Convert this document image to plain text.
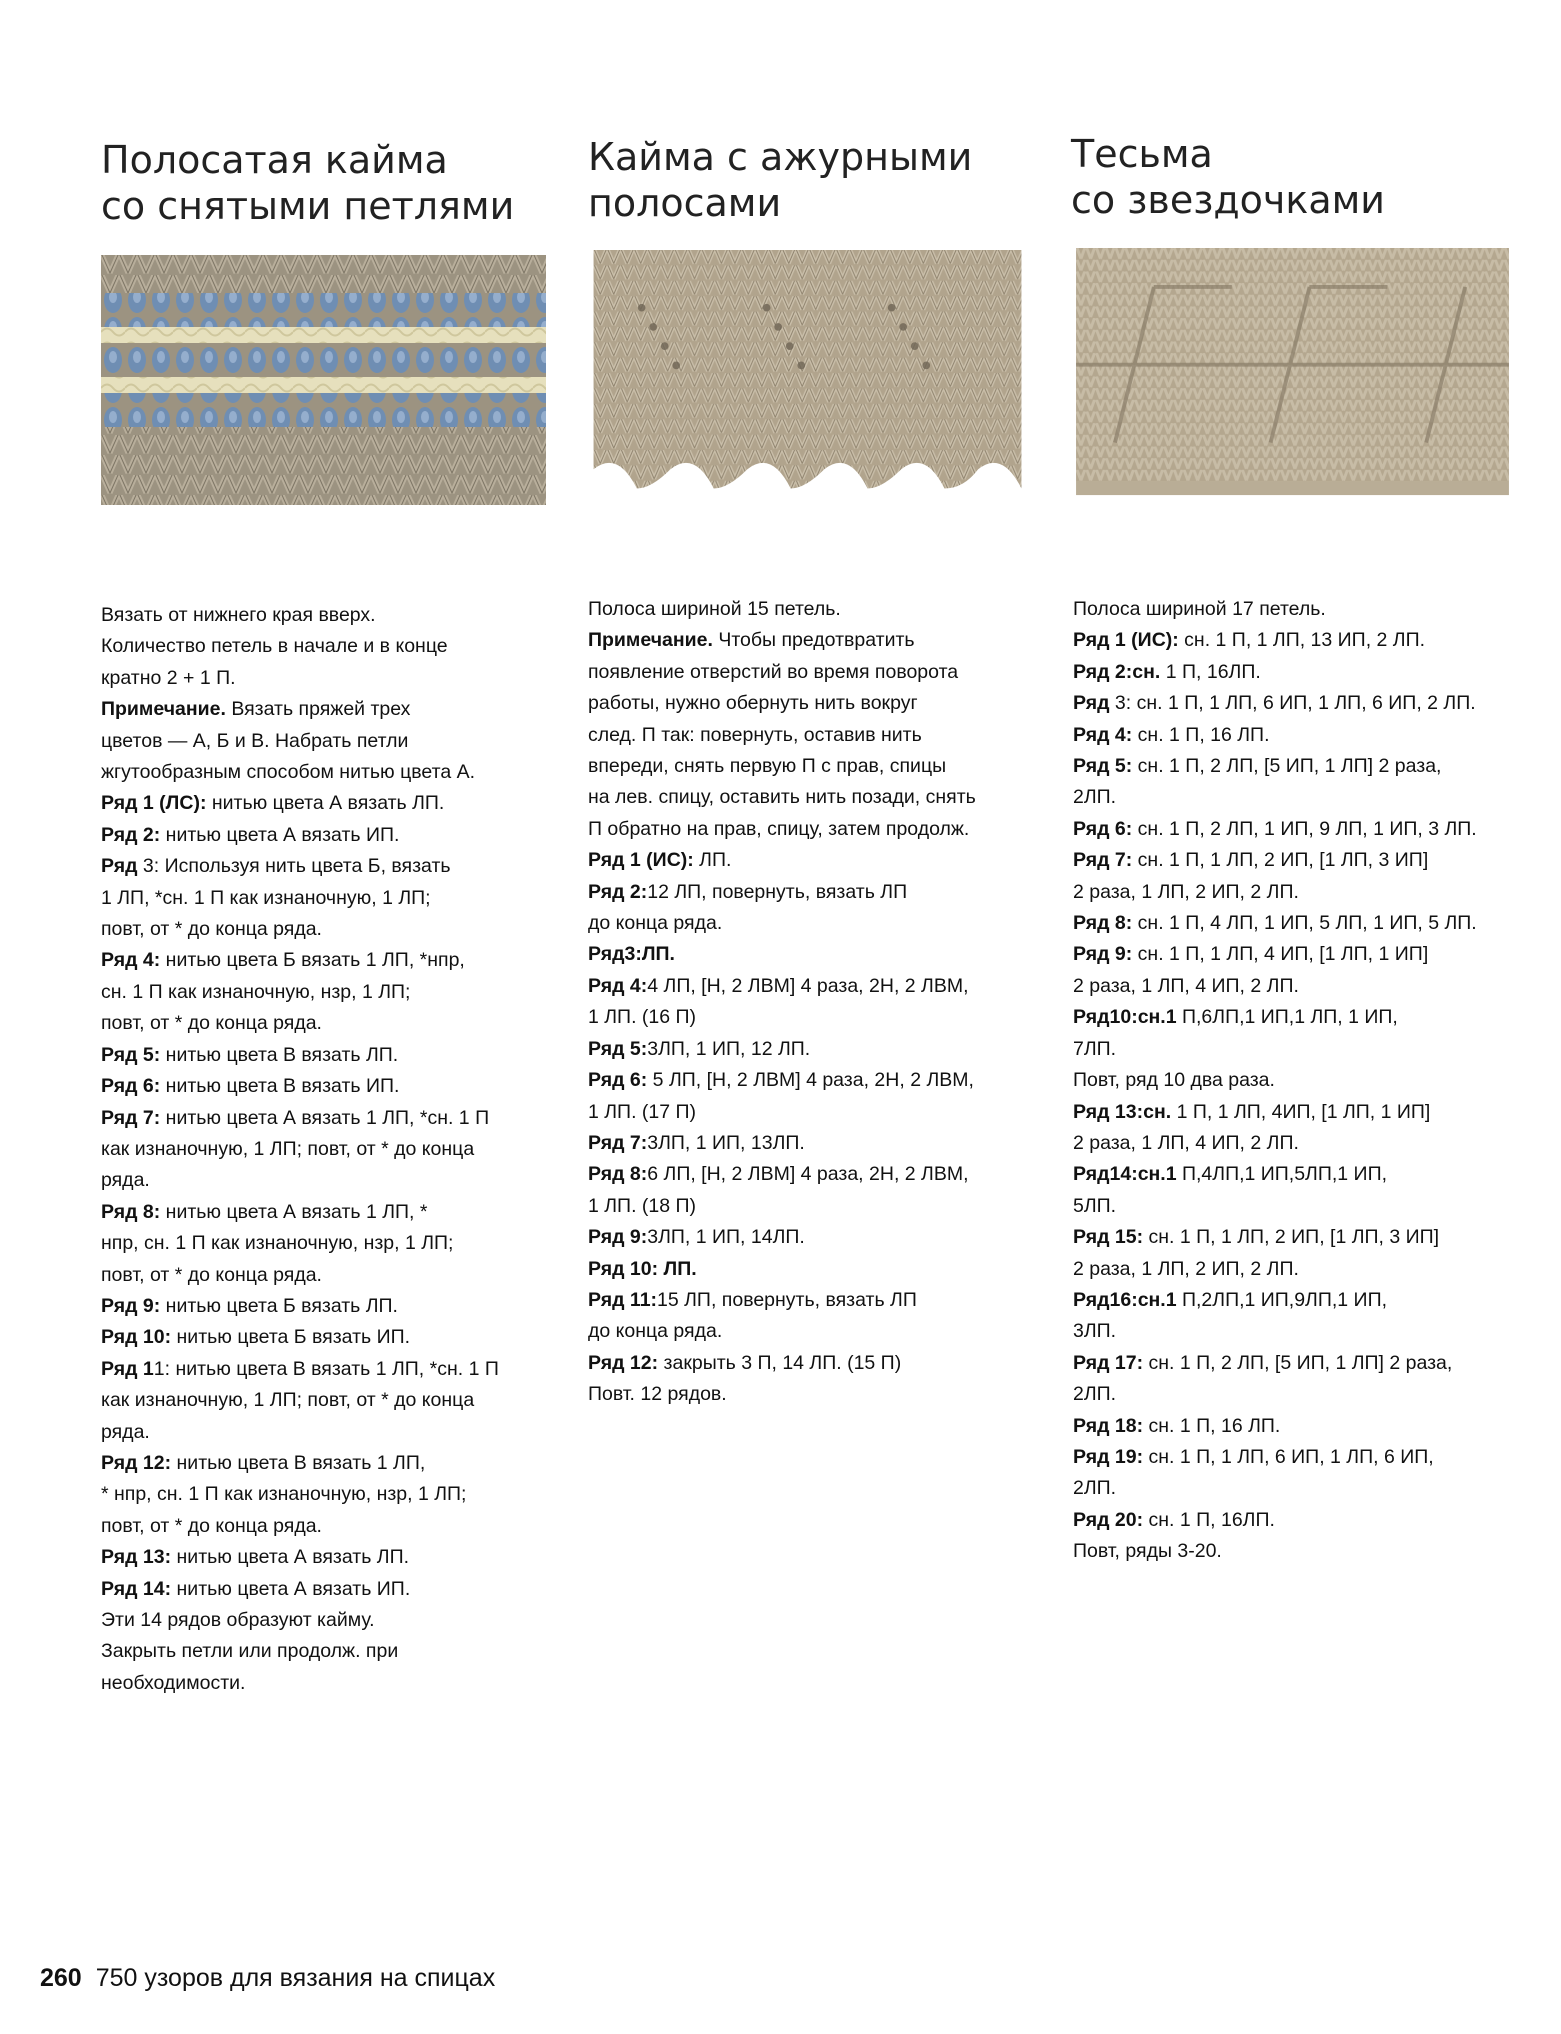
Полосатая кайма
со снятыми петлями

Вязать от нижнего края вверх.

Количество петель в начале и в конце

кратно 2 + 1 П.

Примечание. Вязать пряжей трех

цветов — А, Б и В. Набрать петли

жгутообразным способом нитью цвета А.

Ряд 1 (ЛС): нитью цвета А вязать ЛП.

Ряд 2: нитью цвета А вязать ИП.

Ряд 3: Используя нить цвета Б, вязать

1 ЛП, *сн. 1 П как изнаночную, 1 ЛП;

повт, от * до конца ряда.

Ряд 4: нитью цвета Б вязать 1 ЛП, *нпр,

сн. 1 П как изнаночную, нзр, 1 ЛП;

повт, от * до конца ряда.

Ряд 5: нитью цвета В вязать ЛП.

Ряд 6: нитью цвета В вязать ИП.

Ряд 7: нитью цвета А вязать 1 ЛП, *сн. 1 П

как изнаночную, 1 ЛП; повт, от * до конца

ряда.

Ряд 8: нитью цвета А вязать 1 ЛП, *

нпр, сн. 1 П как изнаночную, нзр, 1 ЛП;

повт, от * до конца ряда.

Ряд 9: нитью цвета Б вязать ЛП.

Ряд 10: нитью цвета Б вязать ИП.

Ряд 11: нитью цвета В вязать 1 ЛП, *сн. 1 П

как изнаночную, 1 ЛП; повт, от * до конца

ряда.

Ряд 12: нитью цвета В вязать 1 ЛП,

* нпр, сн. 1 П как изнаночную, нзр, 1 ЛП;

повт, от * до конца ряда.

Ряд 13: нитью цвета А вязать ЛП.

Ряд 14: нитью цвета А вязать ИП.

Эти 14 рядов образуют кайму.

Закрыть петли или продолж. при

необходимости.

Кайма с ажурными
полосами

Полоса шириной 15 петель.

Примечание. Чтобы предотвратить

появление отверстий во время поворота

работы, нужно обернуть нить вокруг

след. П так: повернуть, оставив нить

впереди, снять первую П с прав, спицы

на лев. спицу, оставить нить позади, снять

П обратно на прав, спицу, затем продолж.

Ряд 1 (ИС): ЛП.

Ряд 2:12 ЛП, повернуть, вязать ЛП

до конца ряда.

Ряд3:ЛП.

Ряд 4:4 ЛП, [Н, 2 ЛВМ] 4 раза, 2Н, 2 ЛВМ,

1 ЛП. (16 П)

Ряд 5:3ЛП, 1 ИП, 12 ЛП.

Ряд 6: 5 ЛП, [Н, 2 ЛВМ] 4 раза, 2Н, 2 ЛВМ,

1 ЛП. (17 П)

Ряд 7:3ЛП, 1 ИП, 13ЛП.

Ряд 8:6 ЛП, [Н, 2 ЛВМ] 4 раза, 2Н, 2 ЛВМ,

1 ЛП. (18 П)

Ряд 9:3ЛП, 1 ИП, 14ЛП.

Ряд 10: ЛП.

Ряд 11:15 ЛП, повернуть, вязать ЛП

до конца ряда.

Ряд 12: закрыть 3 П, 14 ЛП. (15 П)

Повт. 12 рядов.

Тесьма
со звездочками

Полоса шириной 17 петель.

Ряд 1 (ИС): сн. 1 П, 1 ЛП, 13 ИП, 2 ЛП.

Ряд 2:сн. 1 П, 16ЛП.

Ряд 3: сн. 1 П, 1 ЛП, 6 ИП, 1 ЛП, 6 ИП, 2 ЛП.

Ряд 4: сн. 1 П, 16 ЛП.

Ряд 5: сн. 1 П, 2 ЛП, [5 ИП, 1 ЛП] 2 раза,

2ЛП.

Ряд 6: сн. 1 П, 2 ЛП, 1 ИП, 9 ЛП, 1 ИП, 3 ЛП.

Ряд 7: сн. 1 П, 1 ЛП, 2 ИП, [1 ЛП, 3 ИП]

2 раза, 1 ЛП, 2 ИП, 2 ЛП.

Ряд 8: сн. 1 П, 4 ЛП, 1 ИП, 5 ЛП, 1 ИП, 5 ЛП.

Ряд 9: сн. 1 П, 1 ЛП, 4 ИП, [1 ЛП, 1 ИП]

2 раза, 1 ЛП, 4 ИП, 2 ЛП.

Ряд10:сн.1 П,6ЛП,1 ИП,1 ЛП, 1 ИП,

7ЛП.

Повт, ряд 10 два раза.

Ряд 13:сн. 1 П, 1 ЛП, 4ИП, [1 ЛП, 1 ИП]

2 раза, 1 ЛП, 4 ИП, 2 ЛП.

Ряд14:сн.1 П,4ЛП,1 ИП,5ЛП,1 ИП,

5ЛП.

Ряд 15: сн. 1 П, 1 ЛП, 2 ИП, [1 ЛП, 3 ИП]

2 раза, 1 ЛП, 2 ИП, 2 ЛП.

Ряд16:сн.1 П,2ЛП,1 ИП,9ЛП,1 ИП,

3ЛП.

Ряд 17: сн. 1 П, 2 ЛП, [5 ИП, 1 ЛП] 2 раза,

2ЛП.

Ряд 18: сн. 1 П, 16 ЛП.

Ряд 19: сн. 1 П, 1 ЛП, 6 ИП, 1 ЛП, 6 ИП,

2ЛП.

Ряд 20: сн. 1 П, 16ЛП.

Повт, ряды 3-20.

260 750 узоров для вязания на спицах
